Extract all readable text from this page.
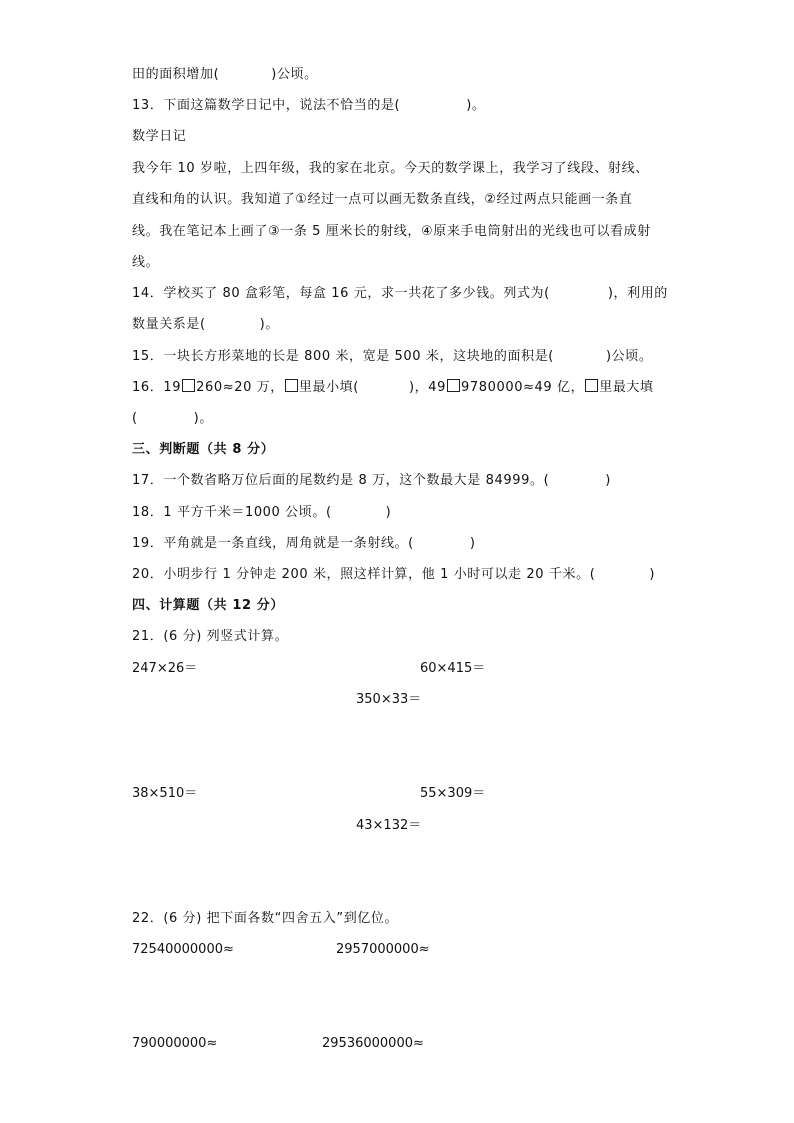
田的面积增加(	)公顷。
13．下面这篇数学日记中，说法不恰当的是(	)。
数学日记
我今年 10 岁啦，上四年级，我的家在北京。今天的数学课上，我学习了线段、射线、
直线和角的认识。我知道了①经过一点可以画无数条直线，②经过两点只能画一条直
线。我在笔记本上画了③一条 5 厘米长的射线，④原来手电筒射出的光线也可以看成射
线。
14．学校买了 80 盒彩笔，每盒 16 元，求一共花了多少钱。列式为(	)，利用的
数量关系是(	)。
15．一块长方形菜地的长是 800 米，宽是 500 米，这块地的面积是(	)公顷。
16．19 260≈20 万， 里最小填(	)，49 9780000≈49 亿， 里最大填
(	)。
三、判断题（共 8 分）
17．一个数省略万位后面的尾数约是 8 万，这个数最大是 84999。(	)
18．1 平方千米＝1000 公顷。(	)
19．平角就是一条直线，周角就是一条射线。(	)
20．小明步行 1 分钟走 200 米，照这样计算，他 1 小时可以走 20 千米。(	)
四、计算题（共 12 分）
21．(6 分) 列竖式计算。
247×26＝	60×415＝
350×33＝
38×510＝	55×309＝
43×132＝
22．(6 分) 把下面各数“四舍五入”到亿位。
72540000000≈	2957000000≈
790000000≈	29536000000≈
